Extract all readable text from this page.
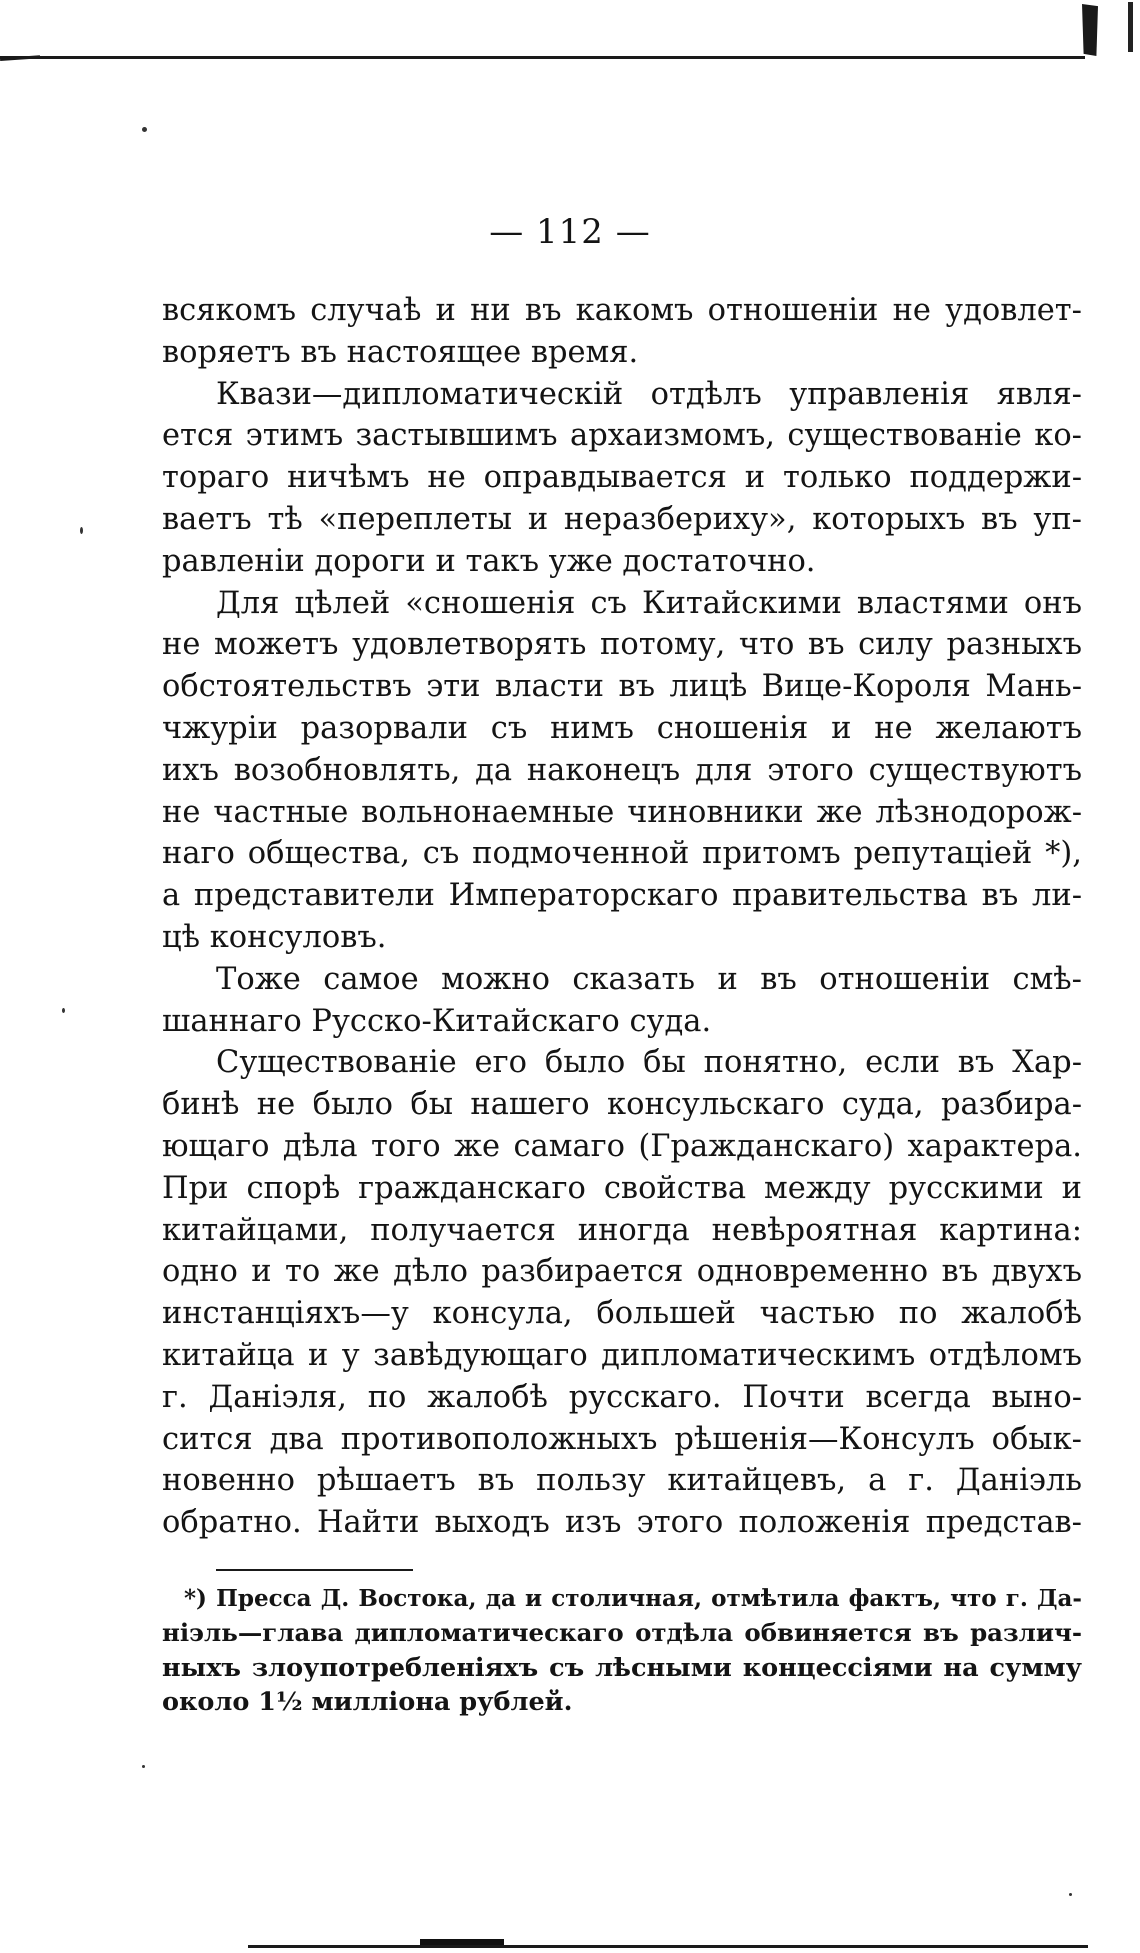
— 112 —
всякомъ случаѣ и ни въ какомъ отношеніи не удовлет-
воряетъ въ настоящее время.
Квази—дипломатическій отдѣлъ управленія явля-
ется этимъ застывшимъ архаизмомъ, существованіе ко-
тораго ничѣмъ не оправдывается и только поддержи-
ваетъ тѣ «переплеты и неразбериху», которыхъ въ уп-
равленіи дороги и такъ уже достаточно.
Для цѣлей «сношенія съ Китайскими властями онъ
не можетъ удовлетворять потому, что въ силу разныхъ
обстоятельствъ эти власти въ лицѣ Вице-Короля Мань-
чжуріи разорвали съ нимъ сношенія и не желаютъ
ихъ возобновлять, да наконецъ для этого существуютъ
не частные вольнонаемные чиновники же лѣзнодорож-
наго общества, съ подмоченной притомъ репутаціей *),
а представители Императорскаго правительства въ ли-
цѣ консуловъ.
Тоже самое можно сказать и въ отношеніи смѣ-
шаннаго Русско-Китайскаго суда.
Существованіе его было бы понятно, если въ Хар-
бинѣ не было бы нашего консульскаго суда, разбира-
ющаго дѣла того же самаго (Гражданскаго) характера.
При спорѣ гражданскаго свойства между русскими и
китайцами, получается иногда невѣроятная картина:
одно и то же дѣло разбирается одновременно въ двухъ
инстанціяхъ—у консула, большей частью по жалобѣ
китайца и у завѣдующаго дипломатическимъ отдѣломъ
г. Даніэля, по жалобѣ русскаго. Почти всегда выно-
сится два противоположныхъ рѣшенія—Консулъ обык-
новенно рѣшаетъ въ пользу китайцевъ, а г. Даніэль
обратно. Найти выходъ изъ этого положенія представ-
*) Пресса Д. Востока, да и столичная, отмѣтила фактъ, что г. Да-
ніэль—глава дипломатическаго отдѣла обвиняется въ различ-
ныхъ злоупотребленіяхъ съ лѣсными концессіями на сумму
около 1½ милліона рублей.
